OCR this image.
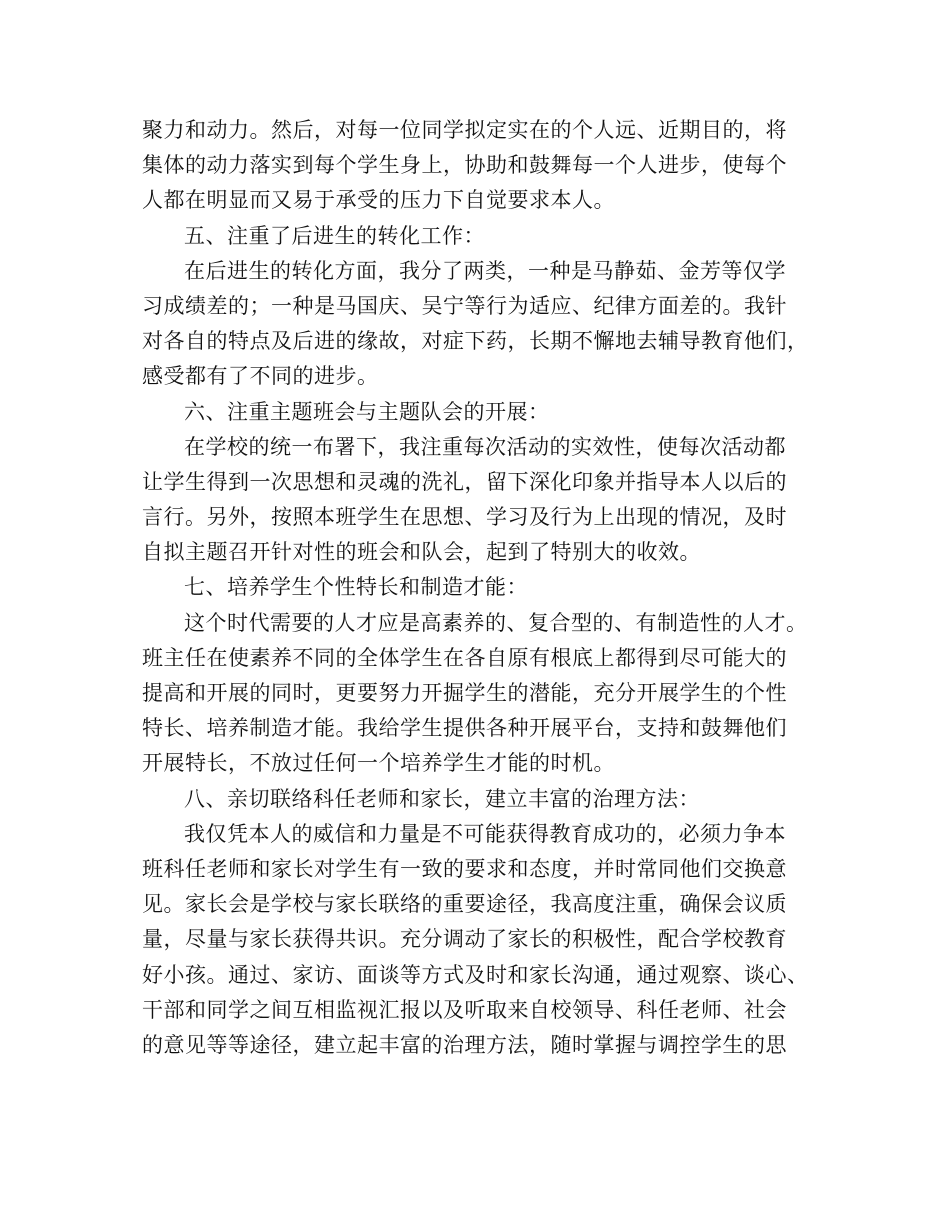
聚力和动力。然后，对每一位同学拟定实在的个人远、近期目的，将
集体的动力落实到每个学生身上，协助和鼓舞每一个人进步，使每个
人都在明显而又易于承受的压力下自觉要求本人。
五、注重了后进生的转化工作：
在后进生的转化方面，我分了两类，一种是马静茹、金芳等仅学
习成绩差的；一种是马国庆、吴宁等行为适应、纪律方面差的。我针
对各自的特点及后进的缘故，对症下药，长期不懈地去辅导教育他们，
感受都有了不同的进步。
六、注重主题班会与主题队会的开展：
在学校的统一布署下，我注重每次活动的实效性，使每次活动都
让学生得到一次思想和灵魂的洗礼，留下深化印象并指导本人以后的
言行。另外，按照本班学生在思想、学习及行为上出现的情况，及时
自拟主题召开针对性的班会和队会，起到了特别大的收效。
七、培养学生个性特长和制造才能：
这个时代需要的人才应是高素养的、复合型的、有制造性的人才。
班主任在使素养不同的全体学生在各自原有根底上都得到尽可能大的
提高和开展的同时，更要努力开掘学生的潜能，充分开展学生的个性
特长、培养制造才能。我给学生提供各种开展平台，支持和鼓舞他们
开展特长，不放过任何一个培养学生才能的时机。
八、亲切联络科任老师和家长，建立丰富的治理方法：
我仅凭本人的威信和力量是不可能获得教育成功的，必须力争本
班科任老师和家长对学生有一致的要求和态度，并时常同他们交换意
见。家长会是学校与家长联络的重要途径，我高度注重，确保会议质
量，尽量与家长获得共识。充分调动了家长的积极性，配合学校教育
好小孩。通过、家访、面谈等方式及时和家长沟通，通过观察、谈心、
干部和同学之间互相监视汇报以及听取来自校领导、科任老师、社会
的意见等等途径，建立起丰富的治理方法，随时掌握与调控学生的思
